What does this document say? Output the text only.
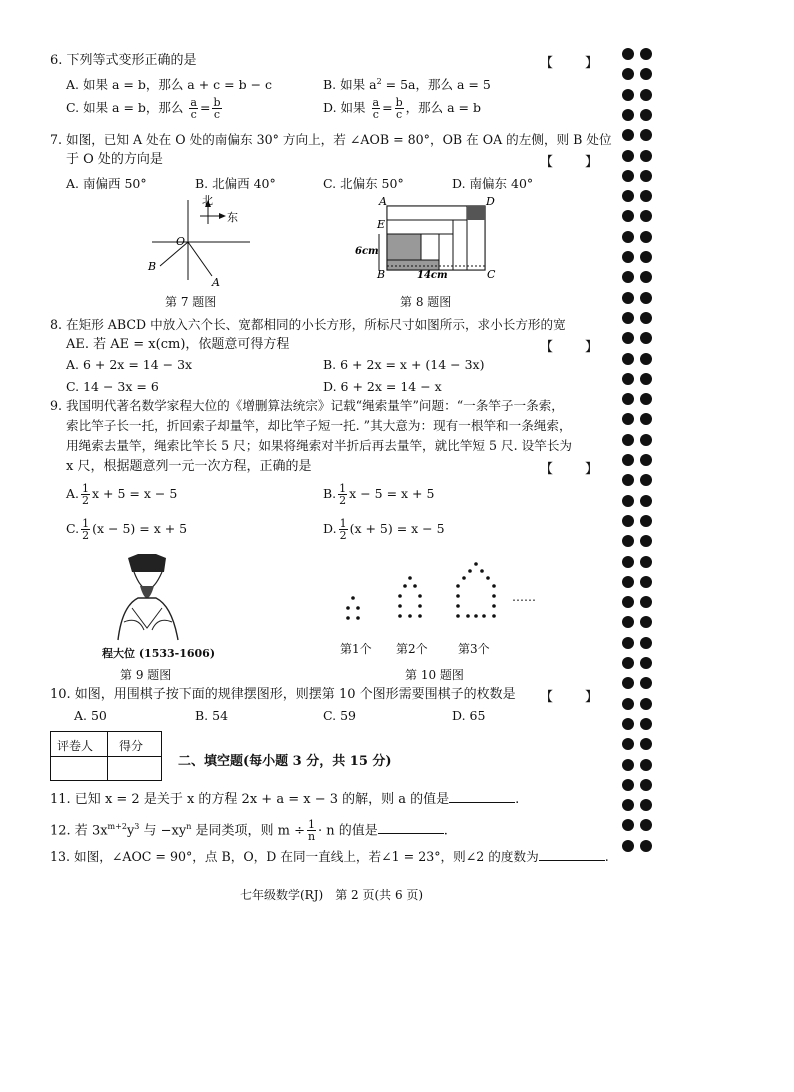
6. 下列等式变形正确的是	【　　】
A. 如果 a = b，那么 a + c = b − c	B. 如果 $a^2 = 5a$，那么 a = 5
C. 如果 a = b，那么 $\frac{a}{c} = \frac{b}{c}$	D. 如果 $\frac{a}{c} = \frac{b}{c}$ ，那么 a = b
7. 如图，已知 A 处在 O 处的南偏东 30° 方向上，若 ∠AOB = 80°，OB 在 OA 的左侧，则 B 处位
于 O 处的方向是	【　　】
A. 南偏西 50°	B. 北偏西 40°	C. 北偏东 50°	D. 南偏东 40°
北
东
O
B
A
第 7 题图
A	D
E
B	C
6cm
14cm
第 8 题图
8. 在矩形 ABCD 中放入六个长、宽都相同的小长方形，所标尺寸如图所示，求小长方形的宽
AE. 若 AE = x(cm)，依题意可得方程	【　　】
A. 6 + 2x = 14 − 3x	B. 6 + 2x = x + (14 − 3x)
C. 14 − 3x = 6	D. 6 + 2x = 14 − x
9. 我国明代著名数学家程大位的《增删算法统宗》记载“绳索量竿”问题：“一条竿子一条索，
索比竿子长一托，折回索子却量竿，却比竿子短一托. ”其大意为：现有一根竿和一条绳索，
用绳索去量竿，绳索比竿长 5 尺；如果将绳索对半折后再去量竿，就比竿短 5 尺. 设竿长为
x 尺，根据题意列一元一次方程，正确的是	【　　】
A. $\frac{1}{2}$ x + 5 = x − 5	B. $\frac{1}{2}$ x − 5 = x + 5
C. $\frac{1}{2} (x - 5) = x + 5$	D. $\frac{1}{2} (x + 5) = x - 5$
程大位 (1533-1606)
第 9 题图
……
第1个 第2个	第3个
第 10 题图
10. 如图，用围棋子按下面的规律摆图形，则摆第 10 个图形需要围棋子的枚数是 【　　】
A. 50	B. 54	C. 59	D. 65
评卷人 得分
二、填空题(每小题 3 分，共 15 分)
11. 已知 x = 2 是关于 x 的方程 2x + a = x − 3 的解，则 a 的值是	.
12. 若 $3x^{m+2}y^3$ 与 $-xy^n$ 是同类项，则 $m \div \frac{1}{n} \cdot n$ 的值是	.
13. 如图，∠AOC = 90°，点 B，O，D 在同一直线上，若∠1 = 23°，则∠2 的度数为	.
七年级数学(RJ)　第 2 页(共 6 页)
